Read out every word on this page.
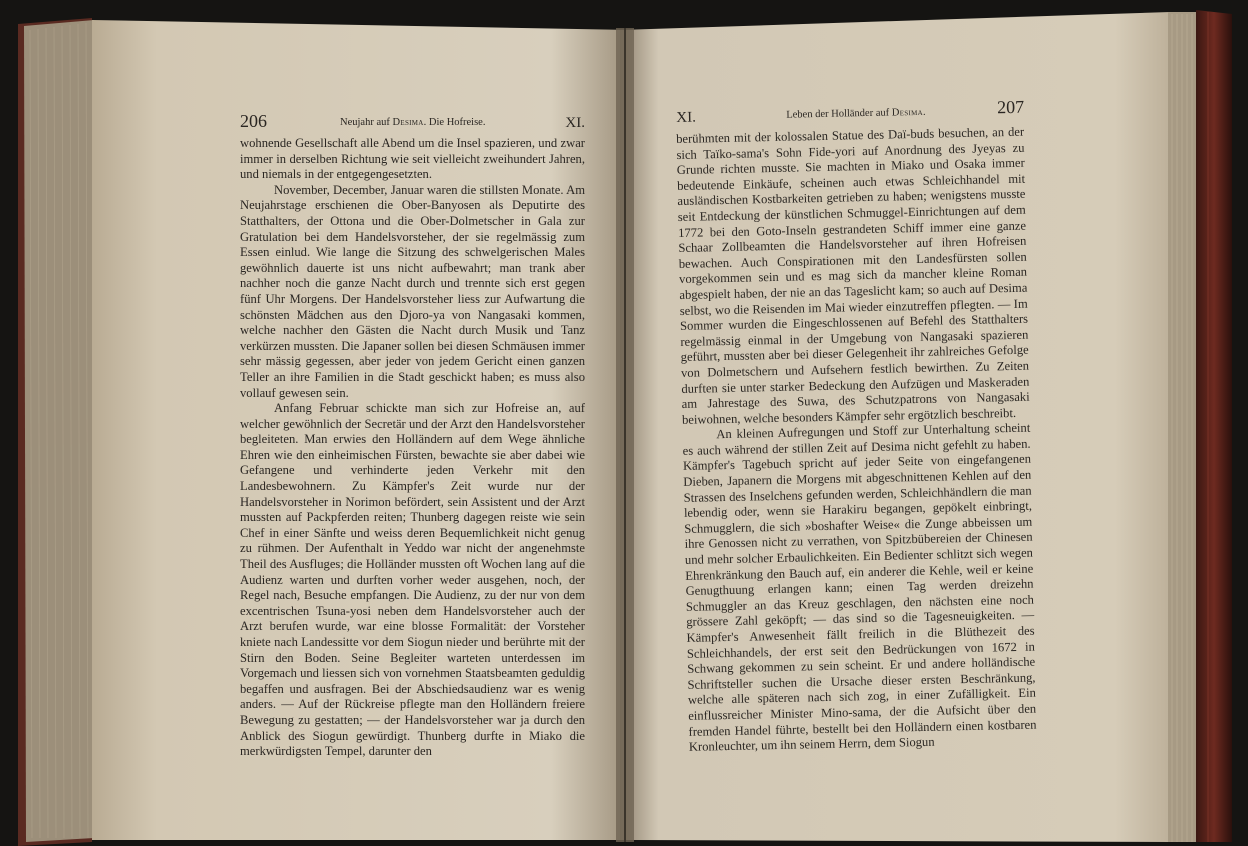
206	Neujahr auf Desima. Die Hofreise.	XI.

wohnende Gesellschaft alle Abend um die Insel spazieren, und zwar immer in derselben Richtung wie seit vielleicht zweihundert Jahren, und niemals in der entgegengesetzten.

November, December, Januar waren die stillsten Monate. Am Neujahrstage erschienen die Ober-Banyosen als Deputirte des Statthalters, der Ottona und die Ober-Dolmetscher in Gala zur Gratulation bei dem Handelsvorsteher, der sie regelmässig zum Essen einlud. Wie lange die Sitzung des schwelgerischen Males gewöhnlich dauerte ist uns nicht aufbewahrt; man trank aber nachher noch die ganze Nacht durch und trennte sich erst gegen fünf Uhr Morgens. Der Handelsvorsteher liess zur Aufwartung die schönsten Mädchen aus den Djoro-ya von Nangasaki kommen, welche nachher den Gästen die Nacht durch Musik und Tanz verkürzen mussten. Die Japaner sollen bei diesen Schmäusen immer sehr mässig gegessen, aber jeder von jedem Gericht einen ganzen Teller an ihre Familien in die Stadt geschickt haben; es muss also vollauf gewesen sein.

Anfang Februar schickte man sich zur Hofreise an, auf welcher gewöhnlich der Secretär und der Arzt den Handelsvorsteher begleiteten. Man erwies den Holländern auf dem Wege ähnliche Ehren wie den einheimischen Fürsten, bewachte sie aber dabei wie Gefangene und verhinderte jeden Verkehr mit den Landesbewohnern. Zu Kämpfer's Zeit wurde nur der Handelsvorsteher in Norimon befördert, sein Assistent und der Arzt mussten auf Packpferden reiten; Thunberg dagegen reiste wie sein Chef in einer Sänfte und weiss deren Bequemlichkeit nicht genug zu rühmen. Der Aufenthalt in Yeddo war nicht der angenehmste Theil des Ausfluges; die Holländer mussten oft Wochen lang auf die Audienz warten und durften vorher weder ausgehen, noch, der Regel nach, Besuche empfangen. Die Audienz, zu der nur von dem excentrischen Tsuna-yosi neben dem Handelsvorsteher auch der Arzt berufen wurde, war eine blosse Formalität: der Vorsteher kniete nach Landessitte vor dem Siogun nieder und berührte mit der Stirn den Boden. Seine Begleiter warteten unterdessen im Vorgemach und liessen sich von vornehmen Staatsbeamten geduldig begaffen und ausfragen. Bei der Abschiedsaudienz war es wenig anders. — Auf der Rückreise pflegte man den Holländern freiere Bewegung zu gestatten; — der Handelsvorsteher war ja durch den Anblick des Siogun gewürdigt. Thunberg durfte in Miako die merkwürdigsten Tempel, darunter den

XI.	Leben der Holländer auf Desima.	207

berühmten mit der kolossalen Statue des Daï-buds besuchen, an der sich Taïko-sama's Sohn Fide-yori auf Anordnung des Jyeyas zu Grunde richten musste. Sie machten in Miako und Osaka immer bedeutende Einkäufe, scheinen auch etwas Schleichhandel mit ausländischen Kostbarkeiten getrieben zu haben; wenigstens musste seit Entdeckung der künstlichen Schmuggel-Einrichtungen auf dem 1772 bei den Goto-Inseln gestrandeten Schiff immer eine ganze Schaar Zollbeamten die Handelsvorsteher auf ihren Hofreisen bewachen. Auch Conspirationen mit den Landesfürsten sollen vorgekommen sein und es mag sich da mancher kleine Roman abgespielt haben, der nie an das Tageslicht kam; so auch auf Desima selbst, wo die Reisenden im Mai wieder einzutreffen pflegten. — Im Sommer wurden die Eingeschlossenen auf Befehl des Statthalters regelmässig einmal in der Umgebung von Nangasaki spazieren geführt, mussten aber bei dieser Gelegenheit ihr zahlreiches Gefolge von Dolmetschern und Aufsehern festlich bewirthen. Zu Zeiten durften sie unter starker Bedeckung den Aufzügen und Maskeraden am Jahrestage des Suwa, des Schutzpatrons von Nangasaki beiwohnen, welche besonders Kämpfer sehr ergötzlich beschreibt.

An kleinen Aufregungen und Stoff zur Unterhaltung scheint es auch während der stillen Zeit auf Desima nicht gefehlt zu haben. Kämpfer's Tagebuch spricht auf jeder Seite von eingefangenen Dieben, Japanern die Morgens mit abgeschnittenen Kehlen auf den Strassen des Inselchens gefunden werden, Schleichhändlern die man lebendig oder, wenn sie Harakiru begangen, gepökelt einbringt, Schmugglern, die sich »boshafter Weise« die Zunge abbeissen um ihre Genossen nicht zu verrathen, von Spitzbübereien der Chinesen und mehr solcher Erbaulichkeiten. Ein Bedienter schlitzt sich wegen Ehrenkränkung den Bauch auf, ein anderer die Kehle, weil er keine Genugthuung erlangen kann; einen Tag werden dreizehn Schmuggler an das Kreuz geschlagen, den nächsten eine noch grössere Zahl geköpft; — das sind so die Tagesneuigkeiten. — Kämpfer's Anwesenheit fällt freilich in die Blüthezeit des Schleichhandels, der erst seit den Bedrückungen von 1672 in Schwang gekommen zu sein scheint. Er und andere holländische Schriftsteller suchen die Ursache dieser ersten Beschränkung, welche alle späteren nach sich zog, in einer Zufälligkeit. Ein einflussreicher Minister Mino-sama, der die Aufsicht über den fremden Handel führte, bestellt bei den Holländern einen kostbaren Kronleuchter, um ihn seinem Herrn, dem Siogun
